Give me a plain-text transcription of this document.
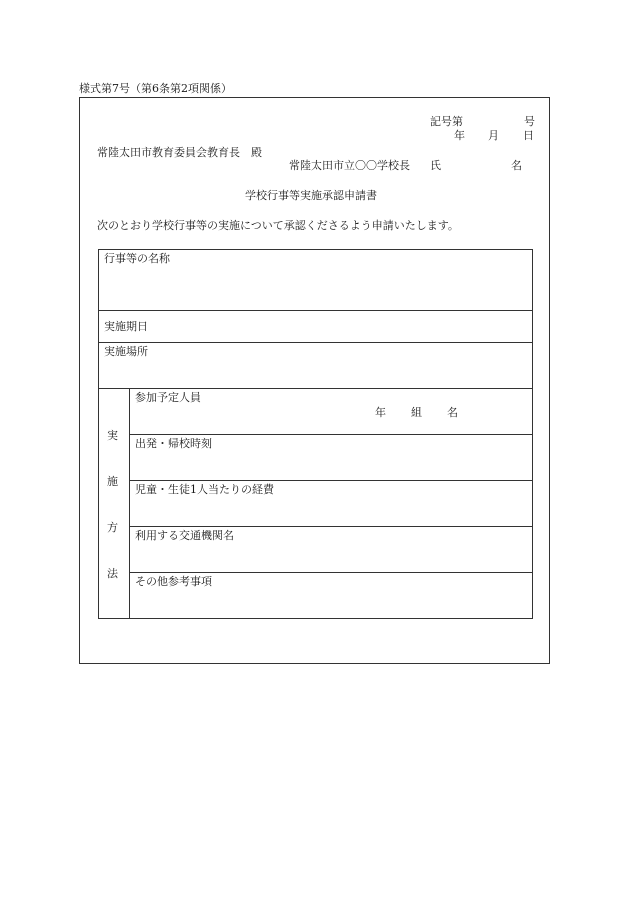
様式第7号（第6条第2項関係）
記号第	号
年 月 日
常陸太田市教育委員会教育長　殿
常陸太田市立〇〇学校長 氏	名
学校行事等実施承認申請書
次のとおり学校行事等の実施について承認くださるよう申請いたします。
行事等の名称
実施期日
実施場所
実
施
方
法
参加予定人員
年 組 名
出発・帰校時刻
児童・生徒1人当たりの経費
利用する交通機関名
その他参考事項
